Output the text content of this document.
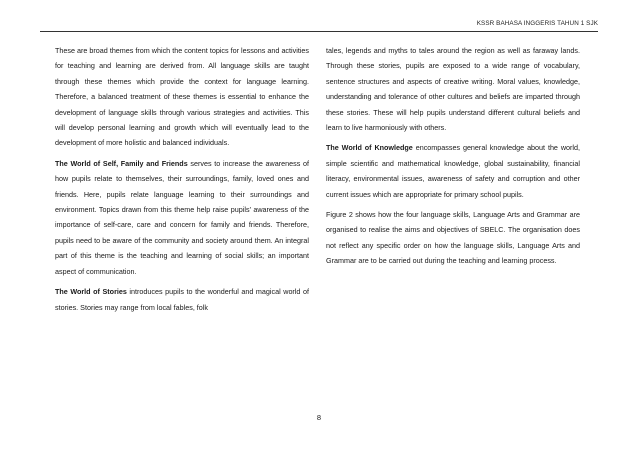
KSSR BAHASA INGGERIS TAHUN 1 SJK

These are broad themes from which the content topics for lessons and activities for teaching and learning are derived from. All language skills are taught through these themes which provide the context for language learning. Therefore, a balanced treatment of these themes is essential to enhance the development of language skills through various strategies and activities. This will develop personal learning and growth which will eventually lead to the development of more holistic and balanced individuals.

The World of Self, Family and Friends serves to increase the awareness of how pupils relate to themselves, their surroundings, family, loved ones and friends. Here, pupils relate language learning to their surroundings and environment. Topics drawn from this theme help raise pupils’ awareness of the importance of self-care, care and concern for family and friends. Therefore, pupils need to be aware of the community and society around them. An integral part of this theme is the teaching and learning of social skills; an important aspect of communication.

The World of Stories introduces pupils to the wonderful and magical world of stories. Stories may range from local fables, folk

tales, legends and myths to tales around the region as well as faraway lands. Through these stories, pupils are exposed to a wide range of vocabulary, sentence structures and aspects of creative writing. Moral values, knowledge, understanding and tolerance of other cultures and beliefs are imparted through these stories. These will help pupils understand different cultural beliefs and learn to live harmoniously with others.

The World of Knowledge encompasses general knowledge about the world, simple scientific and mathematical knowledge, global sustainability, financial literacy, environmental issues, awareness of safety and corruption and other current issues which are appropriate for primary school pupils.

Figure 2 shows how the four language skills, Language Arts and Grammar are organised to realise the aims and objectives of SBELC. The organisation does not reflect any specific order on how the language skills, Language Arts and Grammar are to be carried out during the teaching and learning process.

8
